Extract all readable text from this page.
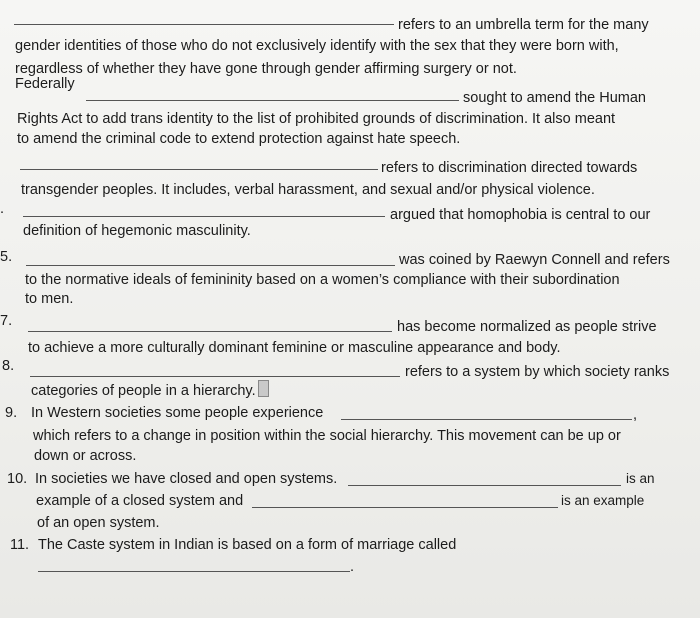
refers to an umbrella term for the many
gender identities of those who do not exclusively identify with the sex that they were born with,
regardless of whether they have gone through gender affirming surgery or not.
Federally
sought to amend the Human
Rights Act to add trans identity to the list of prohibited grounds of discrimination. It also meant
to amend the criminal code to extend protection against hate speech.
refers to discrimination directed towards
transgender peoples. It includes, verbal harassment, and sexual and/or physical violence.
.	argued that homophobia is central to our
definition of hegemonic masculinity.
5.	was coined by Raewyn Connell and refers
to the normative ideals of femininity based on a women’s compliance with their subordination
to men.
7.	has become normalized as people strive
to achieve a more culturally dominant feminine or masculine appearance and body.
8.	refers to a system by which society ranks
categories of people in a hierarchy.
9. In Western societies some people experience	,
which refers to a change in position within the social hierarchy. This movement can be up or
down or across.
10. In societies we have closed and open systems.	is an
example of a closed system and	is an example
of an open system.
11. The Caste system in Indian is based on a form of marriage called
.
